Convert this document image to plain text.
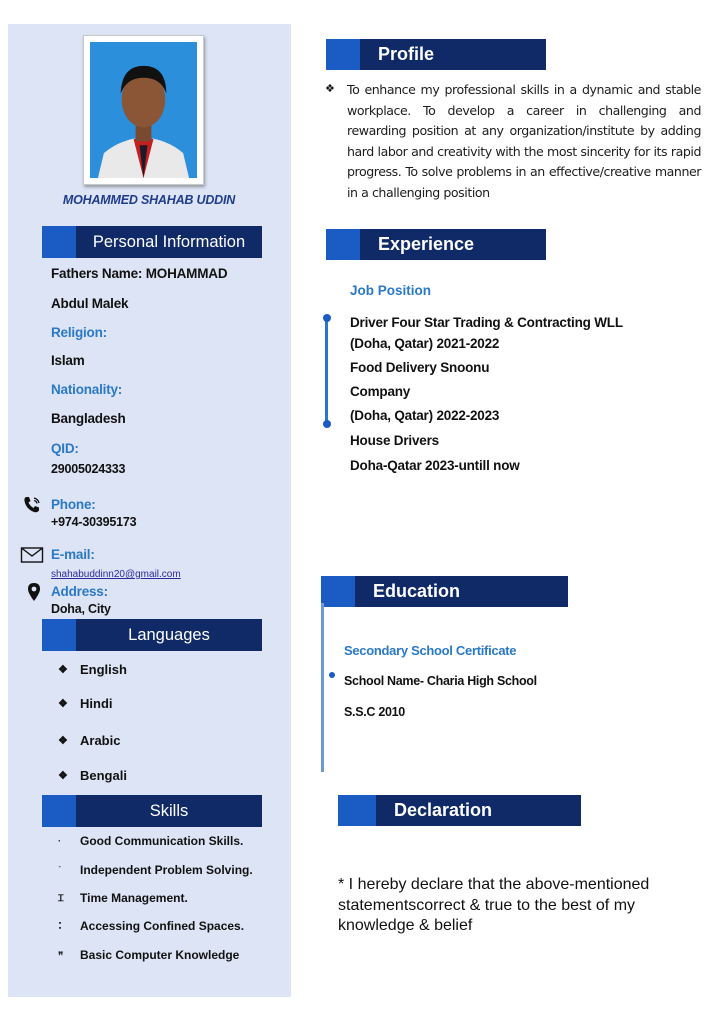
MOHAMMED SHAHAB UDDIN
Personal Information
Fathers Name: MOHAMMAD
Abdul Malek
Religion:
Islam
Nationality:
Bangladesh
QID:
29005024333
Phone:
+974-30395173
E-mail:
shahabuddinn20@gmail.com
Address:
Doha, City
Languages
❖ English
❖ Hindi
❖ Arabic
❖ Bengali
Skills
·	Good Communication Skills.
˺	Independent Problem Solving.
Ꮖ	Time Management.
⠅	Accessing Confined Spaces.
ꟸ	Basic Computer Knowledge
Profile
❖ To enhance my professional skills in a dynamic and stable workplace. To develop a career in challenging and rewarding position at any organization/institute by adding hard labor and creativity with the most sincerity for its rapid progress. To solve problems in an effective/creative manner in a challenging position
Experience
Job Position
Driver Four Star Trading & Contracting WLL
(Doha, Qatar) 2021-2022
Food Delivery Snoonu
Company
(Doha, Qatar) 2022-2023
House Drivers
Doha-Qatar 2023-untill now
Education
Secondary School Certificate
School Name- Charia High School
S.S.C 2010
Declaration
* I hereby declare that the above-mentioned statementscorrect & true to the best of my knowledge & belief
